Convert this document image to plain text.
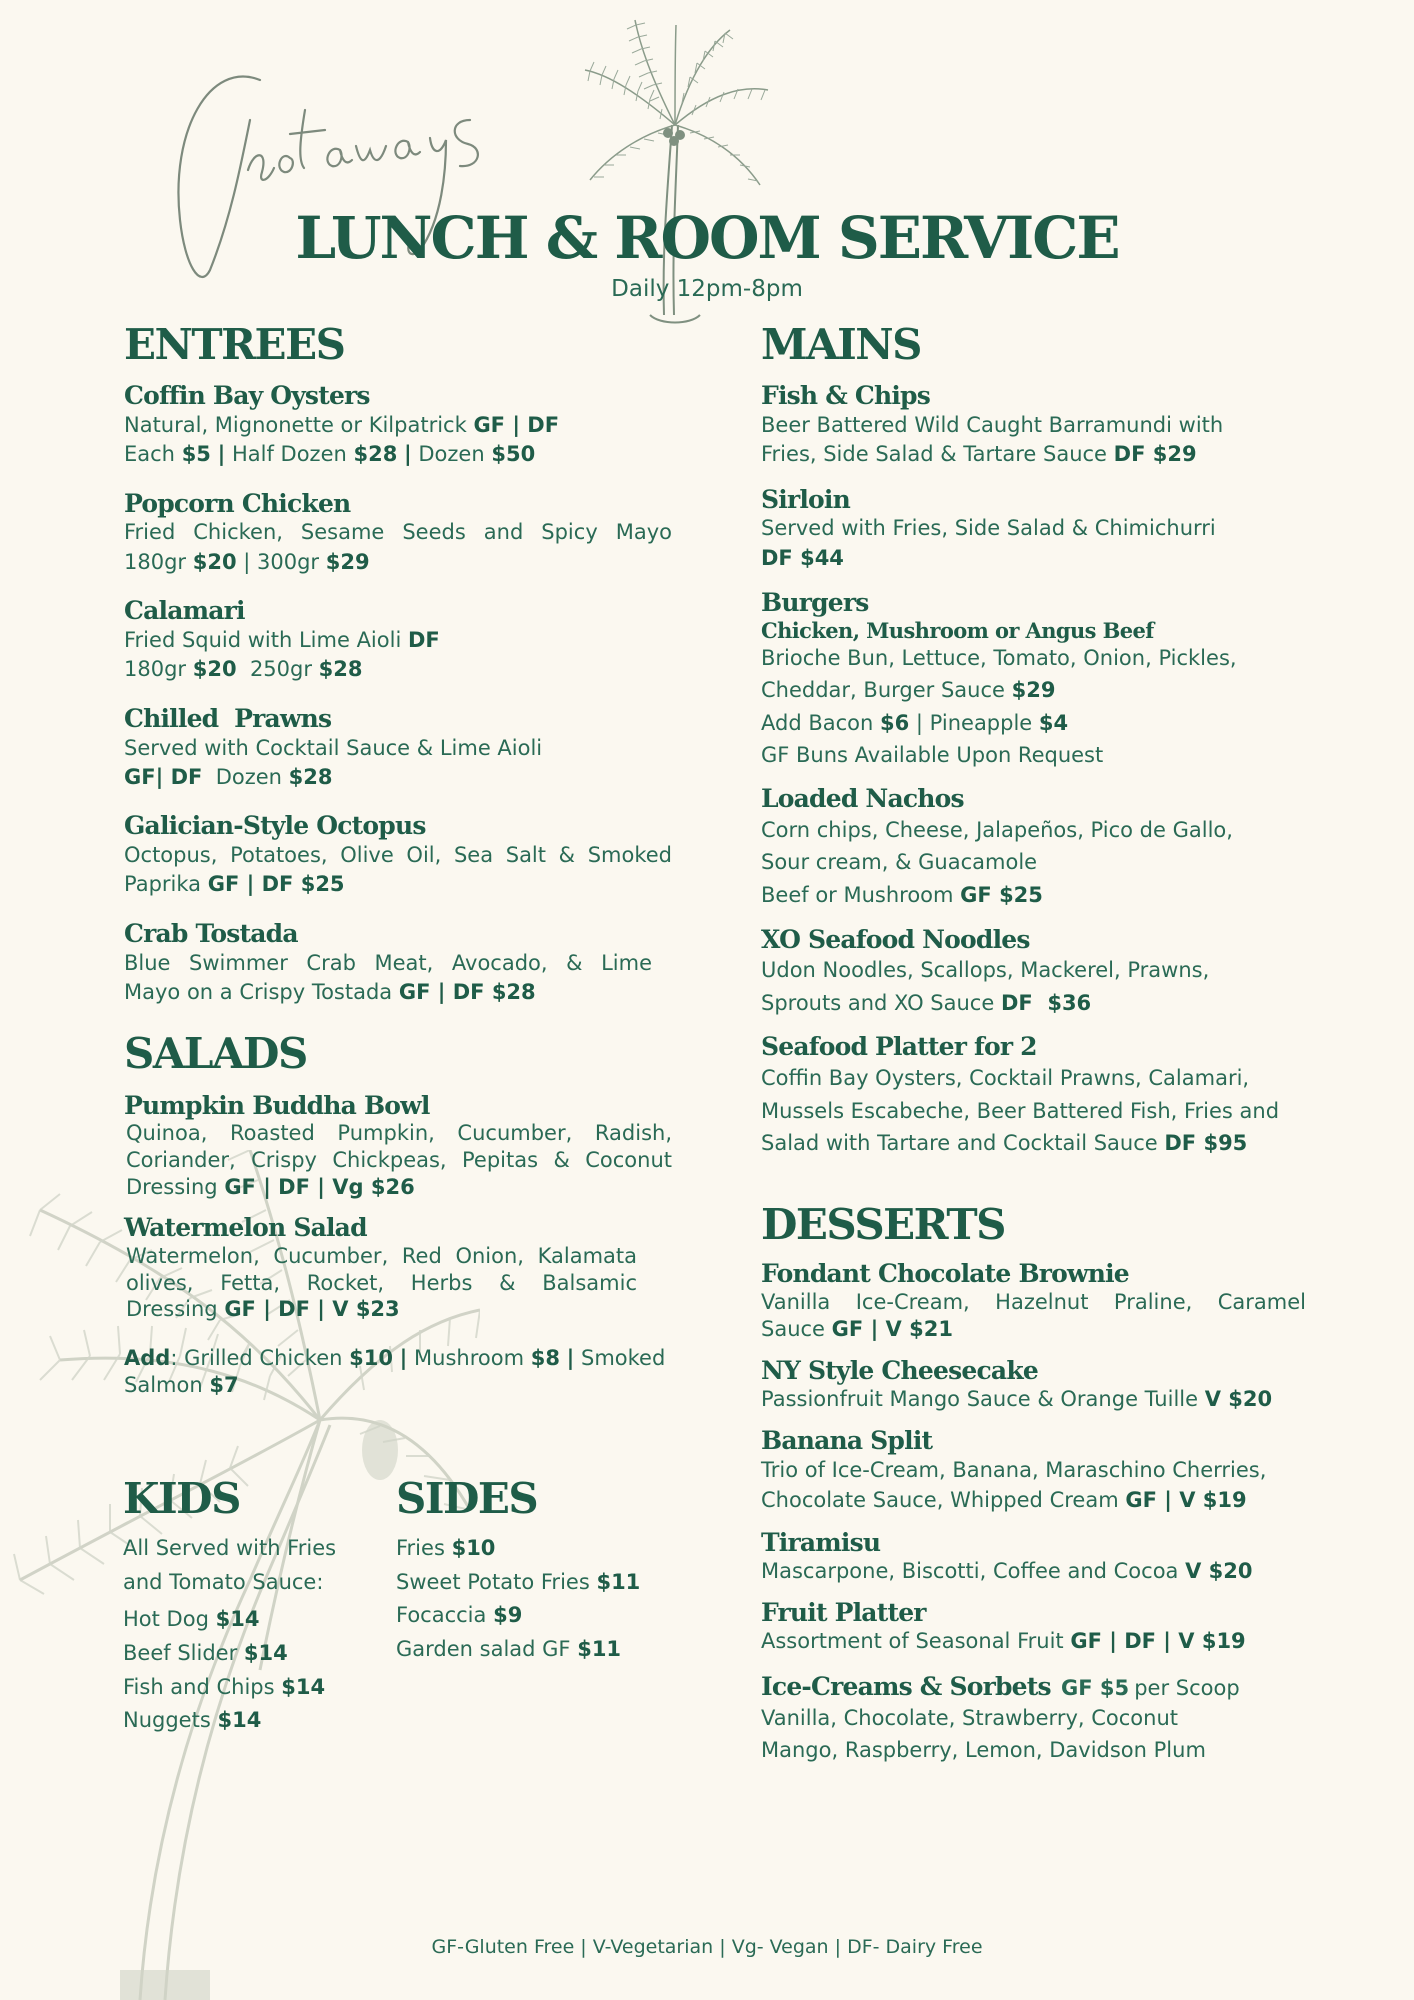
LUNCH & ROOM SERVICE
Daily 12pm-8pm
ENTREES
Coffin Bay Oysters
Natural, Mignonette or Kilpatrick GF | DF
Each $5 | Half Dozen $28 | Dozen $50
Popcorn Chicken
Fried Chicken, Sesame Seeds and Spicy Mayo
180gr $20 | 300gr $29
Calamari
Fried Squid with Lime Aioli DF
180gr $20 250gr $28
Chilled  Prawns
Served with Cocktail Sauce & Lime Aioli
GF| DF Dozen $28
Galician-Style Octopus
Octopus, Potatoes, Olive Oil, Sea Salt & Smoked
Paprika GF | DF $25
Crab Tostada
Blue Swimmer Crab Meat, Avocado, & Lime
Mayo on a Crispy Tostada GF | DF $28
SALADS
Pumpkin Buddha Bowl
Quinoa, Roasted Pumpkin, Cucumber, Radish,
Coriander, Crispy Chickpeas, Pepitas & Coconut
Dressing GF | DF | Vg $26
Watermelon Salad
Watermelon, Cucumber, Red Onion, Kalamata
olives, Fetta, Rocket, Herbs & Balsamic
Dressing GF | DF | V $23
Add: Grilled Chicken $10 | Mushroom $8 | Smoked
Salmon $7
KIDS
All Served with Fries
and Tomato Sauce:
Hot Dog $14
Beef Slider $14
Fish and Chips $14
Nuggets $14
SIDES
Fries $10
Sweet Potato Fries $11
Focaccia $9
Garden salad GF $11
MAINS
Fish & Chips
Beer Battered Wild Caught Barramundi with
Fries, Side Salad & Tartare Sauce DF $29
Sirloin
Served with Fries, Side Salad & Chimichurri
DF $44
Burgers
Chicken, Mushroom or Angus Beef
Brioche Bun, Lettuce, Tomato, Onion, Pickles,
Cheddar, Burger Sauce $29
Add Bacon $6 | Pineapple $4
GF Buns Available Upon Request
Loaded Nachos
Corn chips, Cheese, Jalapeños, Pico de Gallo,
Sour cream, & Guacamole
Beef or Mushroom GF $25
XO Seafood Noodles
Udon Noodles, Scallops, Mackerel, Prawns,
Sprouts and XO Sauce DF  $36
Seafood Platter for 2
Coffin Bay Oysters, Cocktail Prawns, Calamari,
Mussels Escabeche, Beer Battered Fish, Fries and
Salad with Tartare and Cocktail Sauce DF $95
DESSERTS
Fondant Chocolate Brownie
Vanilla Ice-Cream, Hazelnut Praline, Caramel
Sauce GF | V $21
NY Style Cheesecake
Passionfruit Mango Sauce & Orange Tuille V $20
Banana Split
Trio of Ice-Cream, Banana, Maraschino Cherries,
Chocolate Sauce, Whipped Cream GF | V $19
Tiramisu
Mascarpone, Biscotti, Coffee and Cocoa V $20
Fruit Platter
Assortment of Seasonal Fruit GF | DF | V $19
Ice-Creams & Sorbets GF $5 per Scoop
Vanilla, Chocolate, Strawberry, Coconut
Mango, Raspberry, Lemon, Davidson Plum
GF-Gluten Free | V-Vegetarian | Vg- Vegan | DF- Dairy Free
